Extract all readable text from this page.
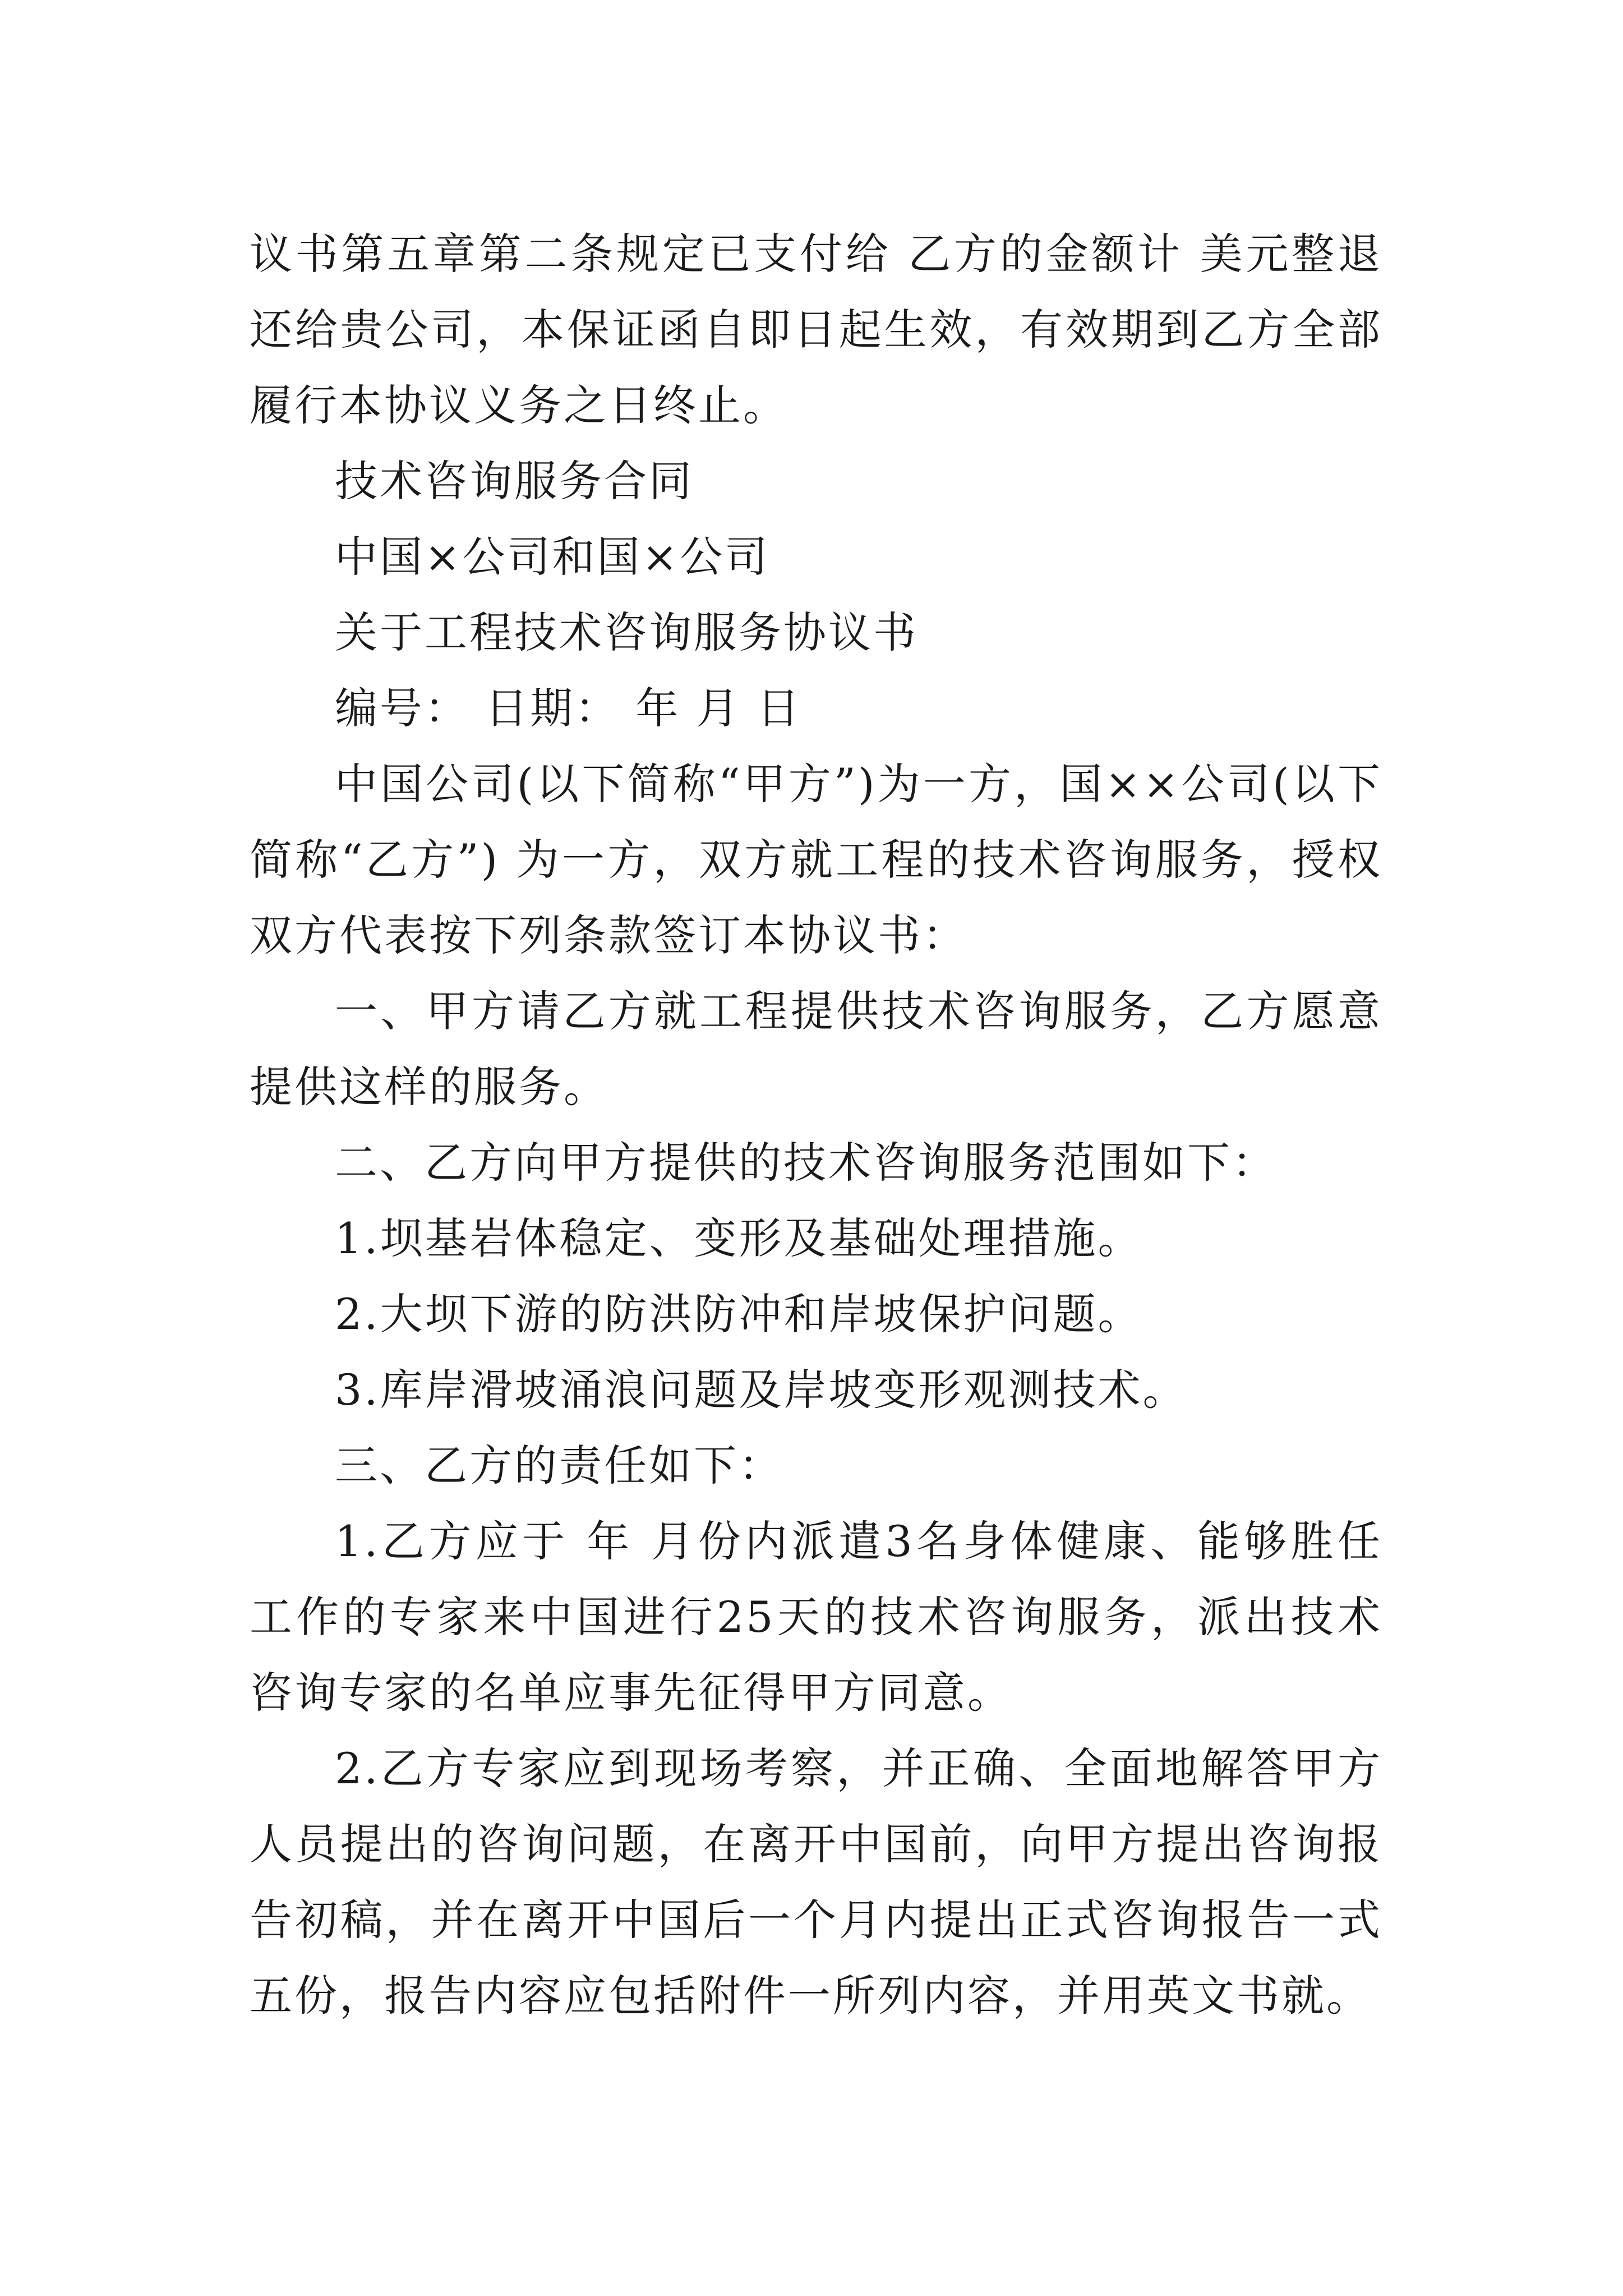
议书第五章第二条规定已支付给 乙方的金额计 美元整退还给贵公司，本保证函自即日起生效，有效期到乙方全部履行本协议义务之日终止。

技术咨询服务合同

中国×公司和国×公司

关于工程技术咨询服务协议书

编号： 日期： 年 月 日

中国公司(以下简称“甲方”)为一方，国××公司(以下简称“乙方”) 为一方，双方就工程的技术咨询服务，授权双方代表按下列条款签订本协议书：

一、甲方请乙方就工程提供技术咨询服务，乙方愿意提供这样的服务。

二、乙方向甲方提供的技术咨询服务范围如下：

1.坝基岩体稳定、变形及基础处理措施。

2.大坝下游的防洪防冲和岸坡保护问题。

3.库岸滑坡涌浪问题及岸坡变形观测技术。

三、乙方的责任如下：

1.乙方应于 年 月份内派遣3名身体健康、能够胜任工作的专家来中国进行25天的技术咨询服务，派出技术咨询专家的名单应事先征得甲方同意。

2.乙方专家应到现场考察，并正确、全面地解答甲方人员提出的咨询问题，在离开中国前，向甲方提出咨询报告初稿，并在离开中国后一个月内提出正式咨询报告一式五份，报告内容应包括附件一所列内容，并用英文书就。
